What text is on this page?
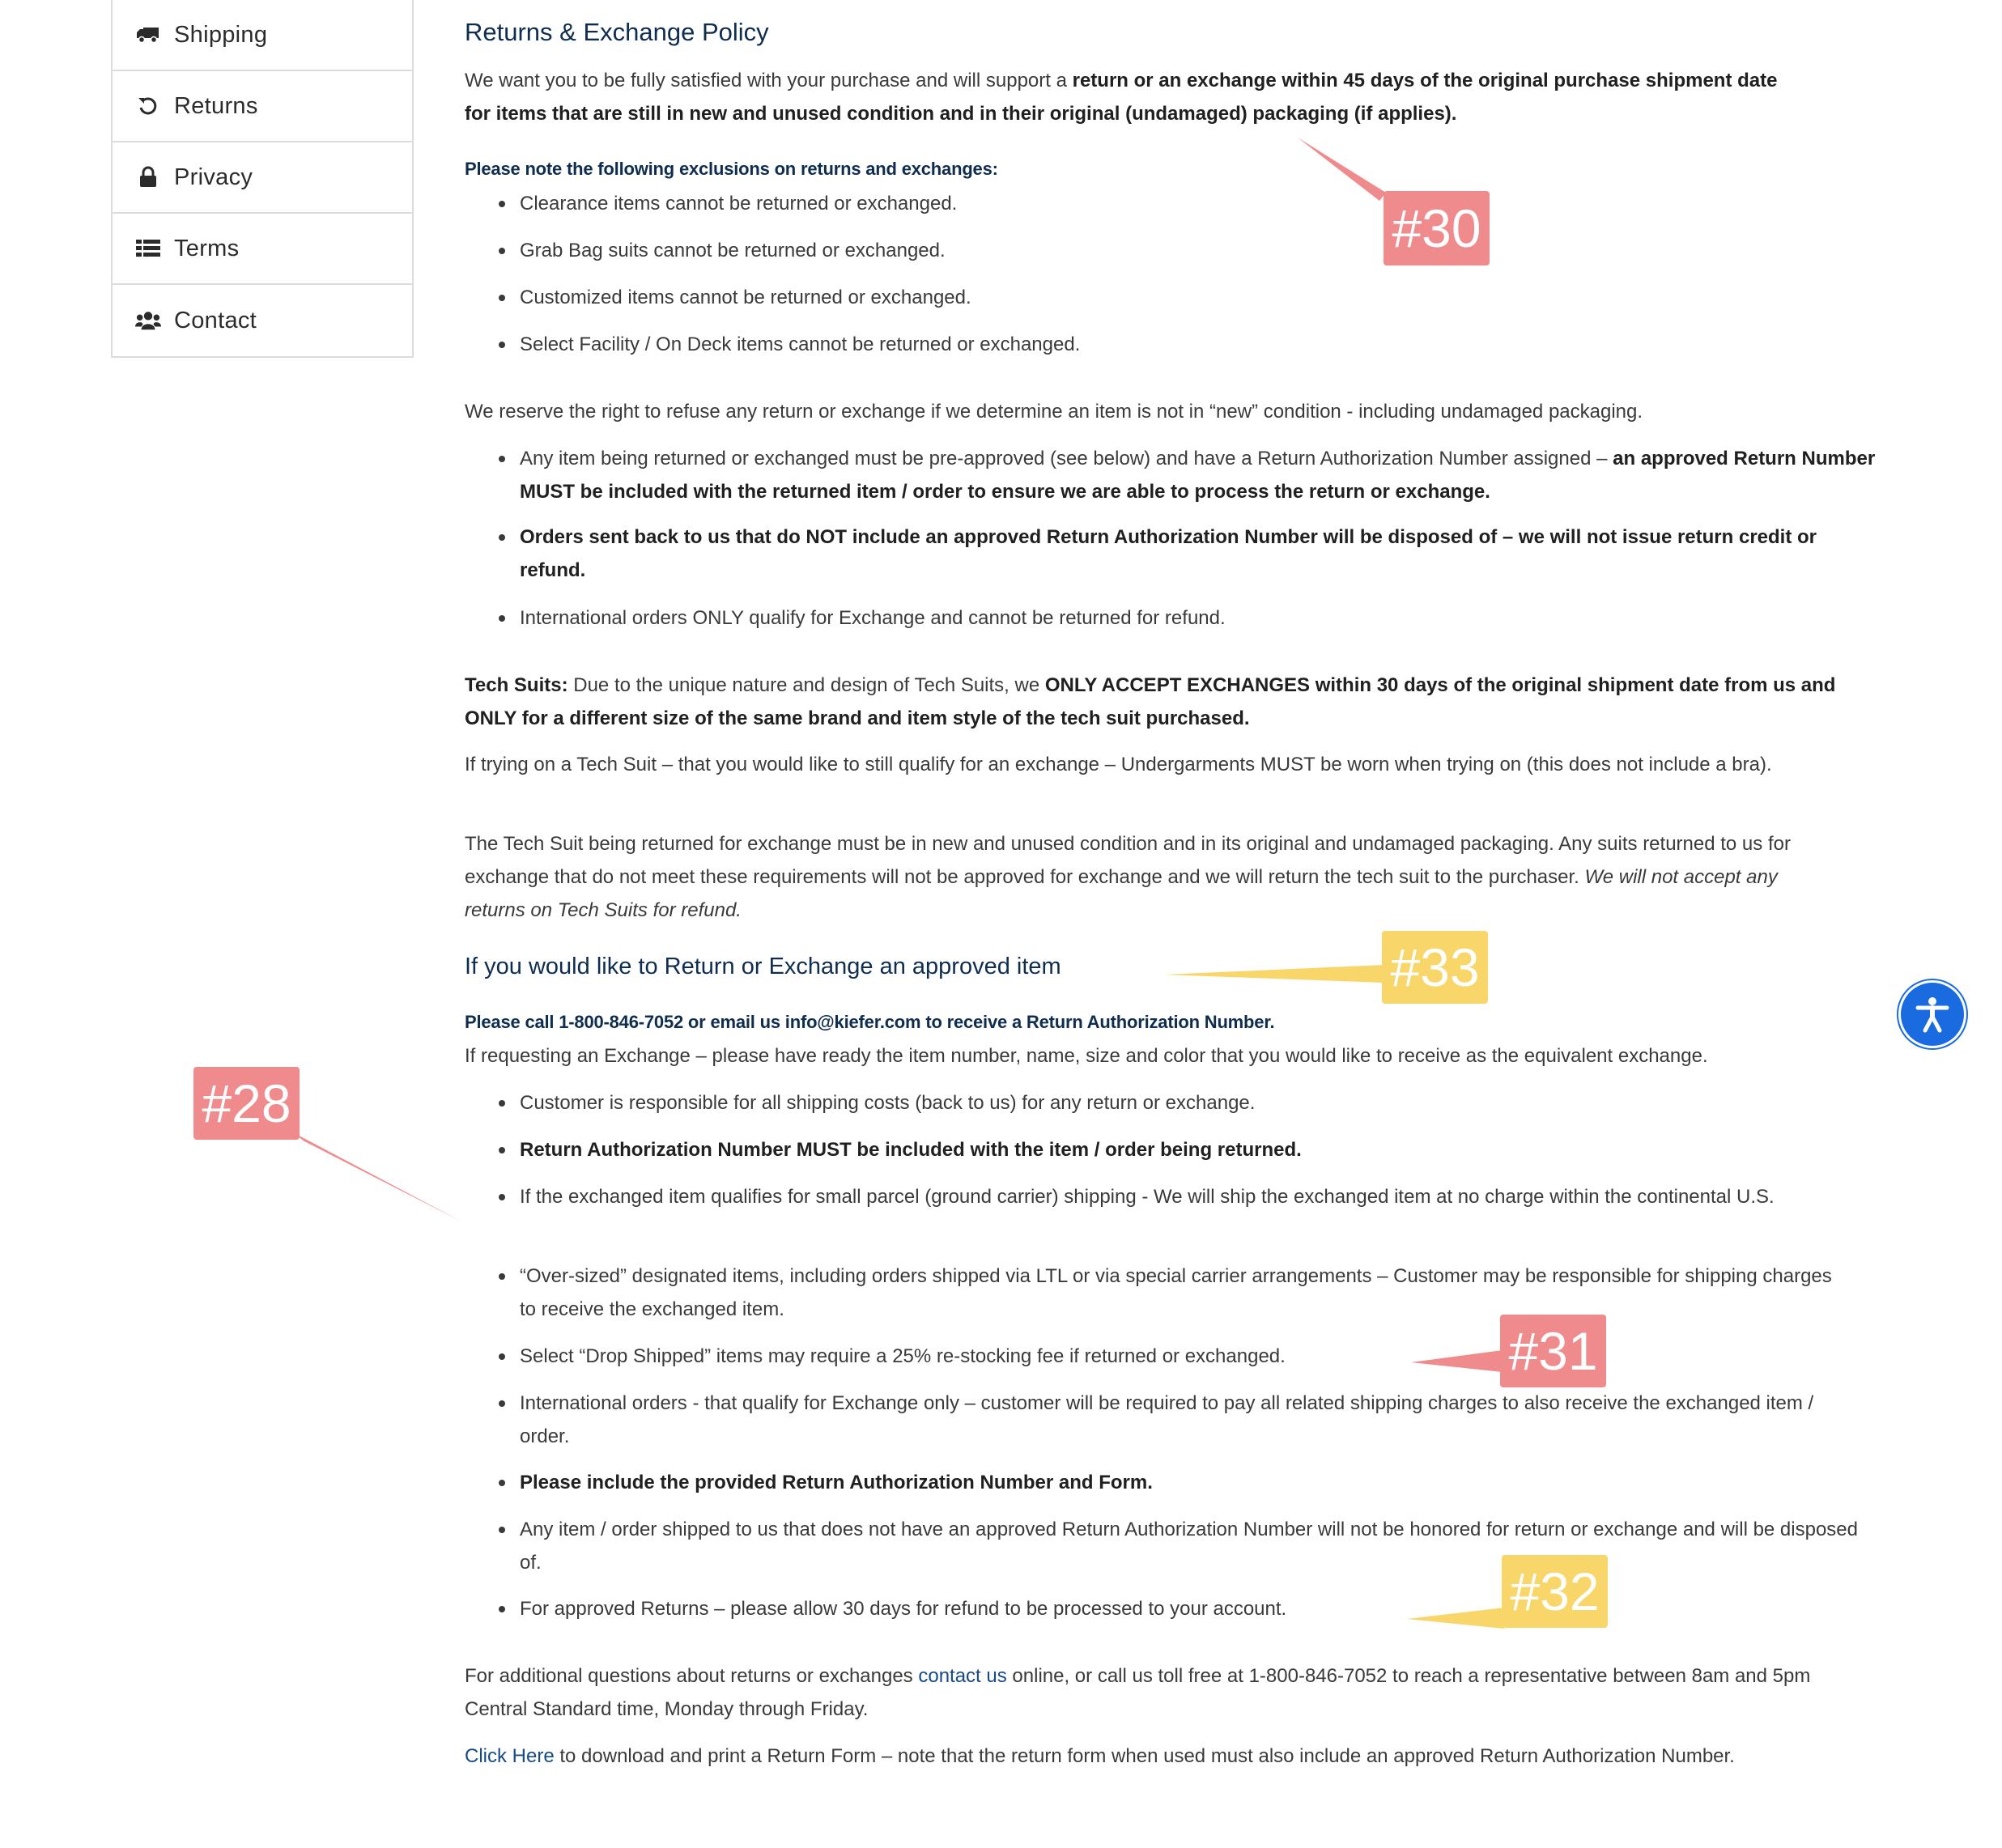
Shipping
Returns
Privacy
Terms
Contact
Returns & Exchange Policy

We want you to be fully satisfied with your purchase and will support a return or an exchange within 45 days of the original purchase shipment date for items that are still in new and unused condition and in their original (undamaged) packaging (if applies).

Please note the following exclusions on returns and exchanges:
Clearance items cannot be returned or exchanged.
Grab Bag suits cannot be returned or exchanged.
Customized items cannot be returned or exchanged.
Select Facility / On Deck items cannot be returned or exchanged.

We reserve the right to refuse any return or exchange if we determine an item is not in “new” condition - including undamaged packaging.

Any item being returned or exchanged must be pre-approved (see below) and have a Return Authorization Number assigned – an approved Return Number MUST be included with the returned item / order to ensure we are able to process the return or exchange.
Orders sent back to us that do NOT include an approved Return Authorization Number will be disposed of – we will not issue return credit or refund.
International orders ONLY qualify for Exchange and cannot be returned for refund.

Tech Suits: Due to the unique nature and design of Tech Suits, we ONLY ACCEPT EXCHANGES within 30 days of the original shipment date from us and ONLY for a different size of the same brand and item style of the tech suit purchased.

If trying on a Tech Suit – that you would like to still qualify for an exchange – Undergarments MUST be worn when trying on (this does not include a bra).

The Tech Suit being returned for exchange must be in new and unused condition and in its original and undamaged packaging. Any suits returned to us for exchange that do not meet these requirements will not be approved for exchange and we will return the tech suit to the purchaser. We will not accept any returns on Tech Suits for refund.

If you would like to Return or Exchange an approved item
Please call 1-800-846-7052 or email us info@kiefer.com to receive a Return Authorization Number.

If requesting an Exchange – please have ready the item number, name, size and color that you would like to receive as the equivalent exchange.

Customer is responsible for all shipping costs (back to us) for any return or exchange.
Return Authorization Number MUST be included with the item / order being returned.
If the exchanged item qualifies for small parcel (ground carrier) shipping - We will ship the exchanged item at no charge within the continental U.S.
“Over-sized” designated items, including orders shipped via LTL or via special carrier arrangements – Customer may be responsible for shipping charges to receive the exchanged item.
Select “Drop Shipped” items may require a 25% re-stocking fee if returned or exchanged.
International orders - that qualify for Exchange only – customer will be required to pay all related shipping charges to also receive the exchanged item / order.
Please include the provided Return Authorization Number and Form.
Any item / order shipped to us that does not have an approved Return Authorization Number will not be honored for return or exchange and will be disposed of.
For approved Returns – please allow 30 days for refund to be processed to your account.

For additional questions about returns or exchanges contact us online, or call us toll free at 1-800-846-7052 to reach a representative between 8am and 5pm Central Standard time, Monday through Friday.

Click Here to download and print a Return Form – note that the return form when used must also include an approved Return Authorization Number.

#30
#33
#28
#31
#32
